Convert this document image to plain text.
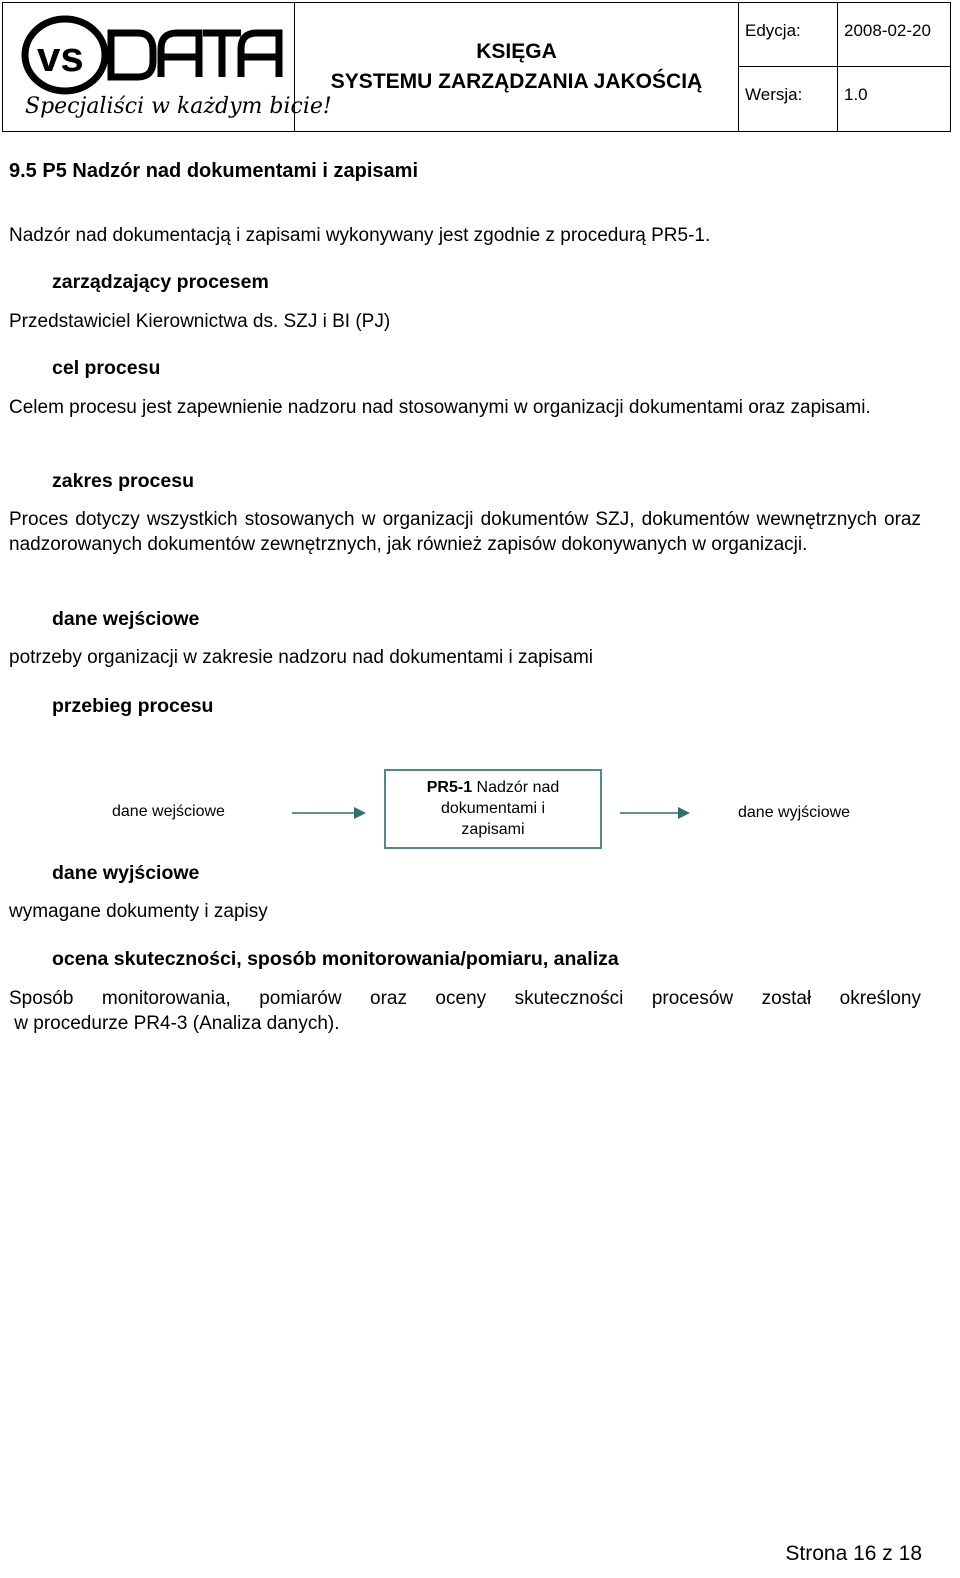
vs
Specjaliści w każdym bicie!
KSIĘGA
SYSTEMU ZARZĄDZANIA JAKOŚCIĄ
Edycja:	2008-02-20
Wersja:	1.0
9.5 P5 Nadzór nad dokumentami i zapisami
Nadzór nad dokumentacją i zapisami wykonywany jest zgodnie z procedurą PR5-1.
zarządzający procesem
Przedstawiciel Kierownictwa ds. SZJ i BI (PJ)
cel procesu
Celem procesu jest zapewnienie nadzoru nad stosowanymi w organizacji dokumentami oraz zapisami.
zakres procesu
Proces dotyczy wszystkich stosowanych w organizacji dokumentów SZJ, dokumentów wewnętrznych oraz nadzorowanych dokumentów zewnętrznych, jak również zapisów dokonywanych w organizacji.
dane wejściowe
potrzeby organizacji w zakresie nadzoru nad dokumentami i zapisami
przebieg procesu
dane wejściowe
PR5-1 Nadzór nad
dokumentami i
zapisami
dane wyjściowe
dane wyjściowe
wymagane dokumenty i zapisy
ocena skuteczności, sposób monitorowania/pomiaru, analiza
Sposób monitorowania, pomiarów oraz oceny skuteczności procesów został określony
w procedurze PR4-3 (Analiza danych).
Strona 16 z 18
